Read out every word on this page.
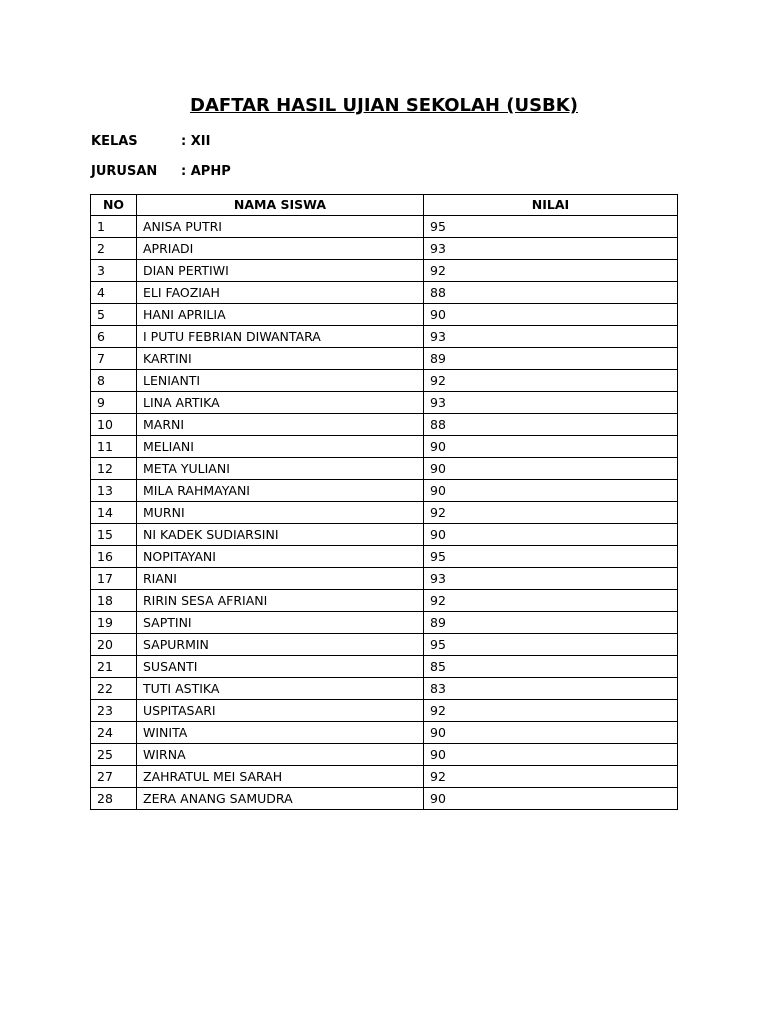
DAFTAR HASIL UJIAN SEKOLAH (USBK)
KELAS	: XII
JURUSAN : APHP
NO	NAMA SISWA	NILAI
1	ANISA PUTRI	95
2	APRIADI	93
3	DIAN PERTIWI	92
4	ELI FAOZIAH	88
5	HANI APRILIA	90
6	I PUTU FEBRIAN DIWANTARA	93
7	KARTINI	89
8	LENIANTI	92
9	LINA ARTIKA	93
10	MARNI	88
11	MELIANI	90
12	META YULIANI	90
13	MILA RAHMAYANI	90
14	MURNI	92
15	NI KADEK SUDIARSINI	90
16	NOPITAYANI	95
17	RIANI	93
18	RIRIN SESA AFRIANI	92
19	SAPTINI	89
20	SAPURMIN	95
21	SUSANTI	85
22	TUTI ASTIKA	83
23	USPITASARI	92
24	WINITA	90
25	WIRNA	90
27	ZAHRATUL MEI SARAH	92
28	ZERA ANANG SAMUDRA	90
